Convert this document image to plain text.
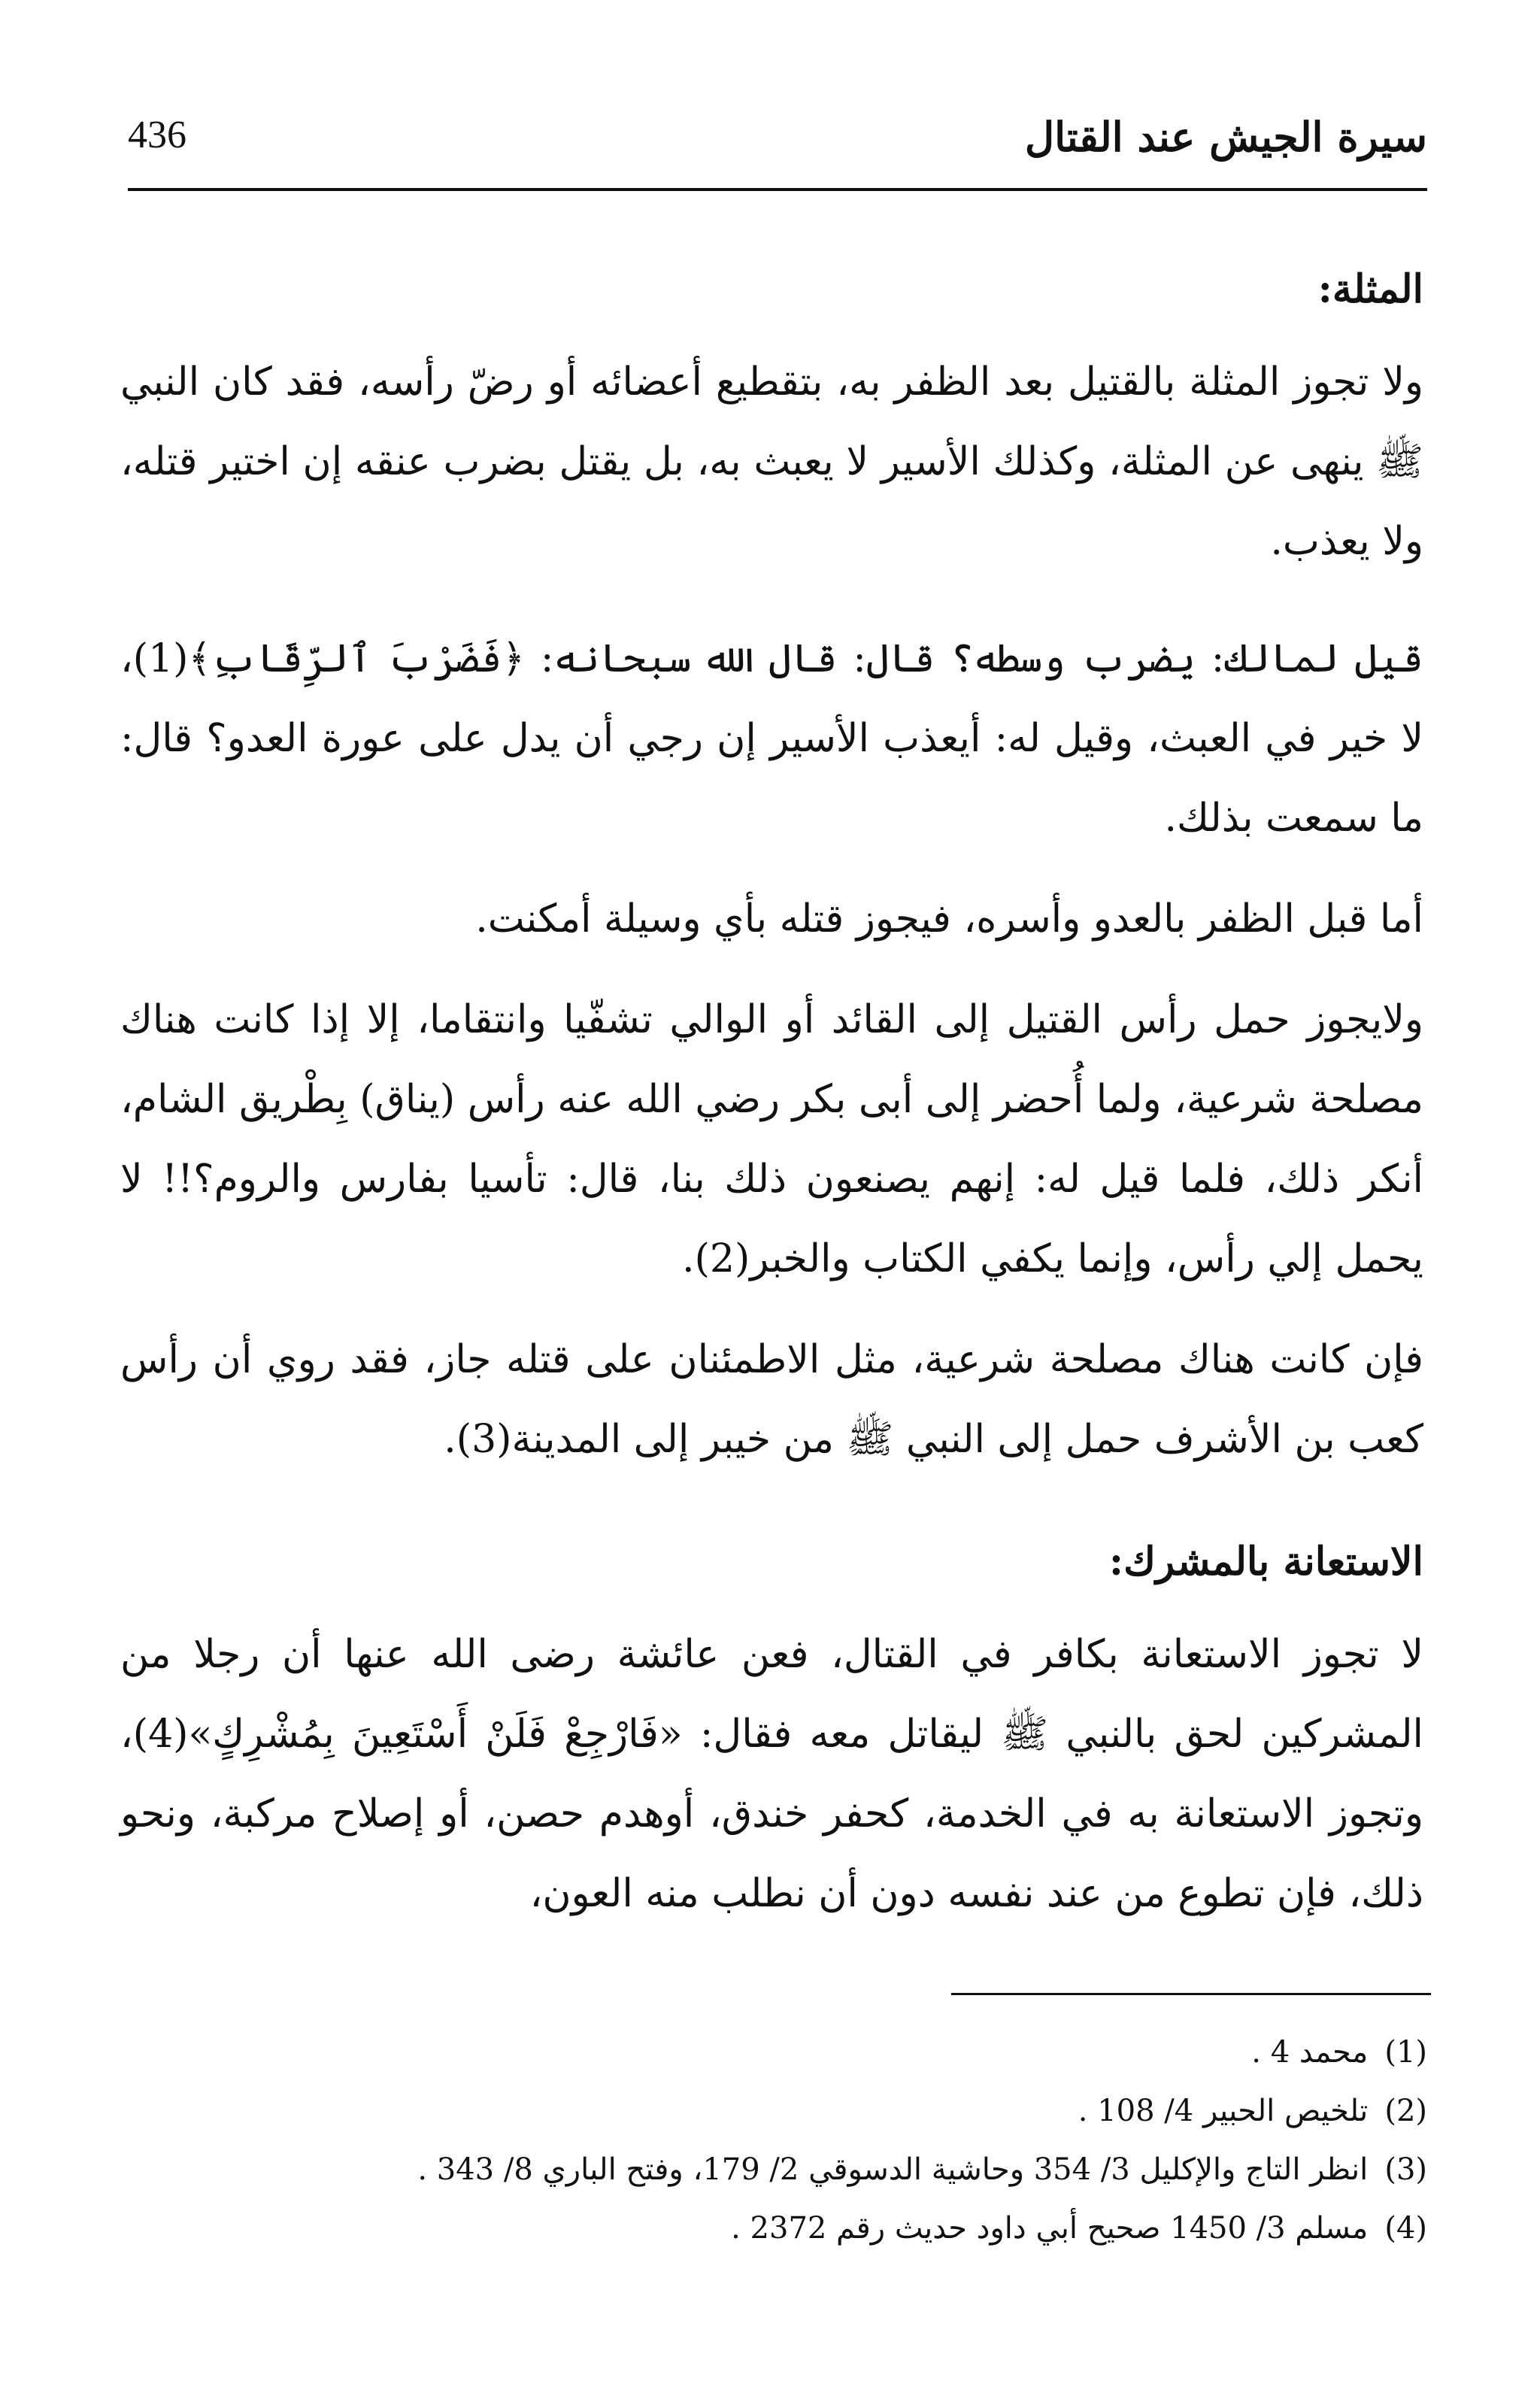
436	سيرة الجيش عند القتال
المثلة:

ولا تجوز المثلة بالقتيل بعد الظفر به، بتقطيع أعضائه أو رضّ رأسه، فقد كان النبي ﷺ ينهى عن المثلة، وكذلك الأسير لا يعبث به، بل يقتل بضرب عنقه إن اختير قتله، ولا يعذب.

قيل لمالك: يضرب وسطه؟ قال: قال الله سبحانه: ﴿فَضَرْبَ ٱلرِّقَابِ﴾(1)، لا خير في العبث، وقيل له: أيعذب الأسير إن رجي أن يدل على عورة العدو؟ قال: ما سمعت بذلك.

أما قبل الظفر بالعدو وأسره، فيجوز قتله بأي وسيلة أمكنت.

ولايجوز حمل رأس القتيل إلى القائد أو الوالي تشفّيا وانتقاما، إلا إذا كانت هناك مصلحة شرعية، ولما أُحضر إلى أبى بكر رضي الله عنه رأس (يناق) بِطْريق الشام، أنكر ذلك، فلما قيل له: إنهم يصنعون ذلك بنا، قال: تأسيا بفارس والروم؟!! لا يحمل إلي رأس، وإنما يكفي الكتاب والخبر(2).

فإن كانت هناك مصلحة شرعية، مثل الاطمئنان على قتله جاز، فقد روي أن رأس كعب بن الأشرف حمل إلى النبي ﷺ من خيبر إلى المدينة(3).

الاستعانة بالمشرك:

لا تجوز الاستعانة بكافر في القتال، فعن عائشة رضى الله عنها أن رجلا من المشركين لحق بالنبي ﷺ ليقاتل معه فقال: «فَارْجِعْ فَلَنْ أَسْتَعِينَ بِمُشْرِكٍ»(4)، وتجوز الاستعانة به في الخدمة، كحفر خندق، أوهدم حصن، أو إصلاح مركبة، ونحو ذلك، فإن تطوع من عند نفسه دون أن نطلب منه العون،

(1) محمد 4 .
(2) تلخيص الحبير 4/ 108 .
(3) انظر التاج والإكليل 3/ 354 وحاشية الدسوقي 2/ 179، وفتح الباري 8/ 343 .
(4) مسلم 3/ 1450 صحيح أبي داود حديث رقم 2372 .
